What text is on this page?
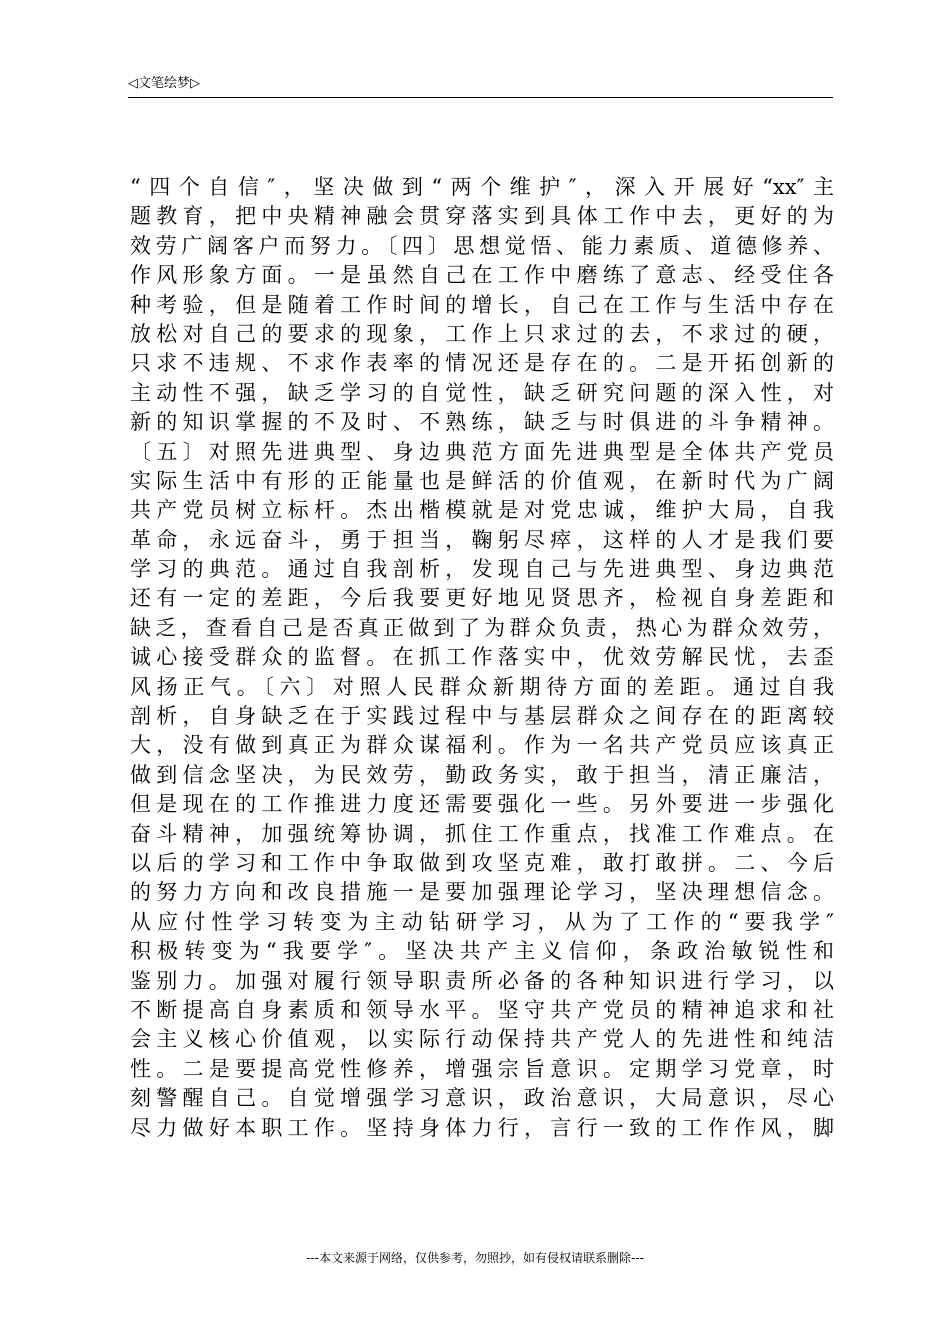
◁文笔绘梦▷
“四个自信″，坚决做到“两个维护″，深入开展好“xx″主
题教育，把中央精神融会贯穿落实到具体工作中去，更好的为
效劳广阔客户而努力。〔四〕思想觉悟、能力素质、道德修养、
作风形象方面。一是虽然自己在工作中磨练了意志、经受住各
种考验，但是随着工作时间的增长，自己在工作与生活中存在
放松对自己的要求的现象，工作上只求过的去，不求过的硬，
只求不违规、不求作表率的情况还是存在的。二是开拓创新的
主动性不强，缺乏学习的自觉性，缺乏研究问题的深入性，对
新的知识掌握的不及时、不熟练，缺乏与时俱进的斗争精神。
〔五〕对照先进典型、身边典范方面先进典型是全体共产党员
实际生活中有形的正能量也是鲜活的价值观，在新时代为广阔
共产党员树立标杆。杰出楷模就是对党忠诚，维护大局，自我
革命，永远奋斗，勇于担当，鞠躬尽瘁，这样的人才是我们要
学习的典范。通过自我剖析，发现自己与先进典型、身边典范
还有一定的差距，今后我要更好地见贤思齐，检视自身差距和
缺乏，查看自己是否真正做到了为群众负责，热心为群众效劳，
诚心接受群众的监督。在抓工作落实中，优效劳解民忧，去歪
风扬正气。〔六〕对照人民群众新期待方面的差距。通过自我
剖析，自身缺乏在于实践过程中与基层群众之间存在的距离较
大，没有做到真正为群众谋福利。作为一名共产党员应该真正
做到信念坚决，为民效劳，勤政务实，敢于担当，清正廉洁，
但是现在的工作推进力度还需要强化一些。另外要进一步强化
奋斗精神，加强统筹协调，抓住工作重点，找准工作难点。在
以后的学习和工作中争取做到攻坚克难，敢打敢拼。二、今后
的努力方向和改良措施一是要加强理论学习，坚决理想信念。
从应付性学习转变为主动钻研学习，从为了工作的“要我学″
积极转变为“我要学″。坚决共产主义信仰，条政治敏锐性和
鉴别力。加强对履行领导职责所必备的各种知识进行学习，以
不断提高自身素质和领导水平。坚守共产党员的精神追求和社
会主义核心价值观，以实际行动保持共产党人的先进性和纯洁
性。二是要提高党性修养，增强宗旨意识。定期学习党章，时
刻警醒自己。自觉增强学习意识，政治意识，大局意识，尽心
尽力做好本职工作。坚持身体力行，言行一致的工作作风，脚
---本文来源于网络，仅供参考，勿照抄，如有侵权请联系删除---
